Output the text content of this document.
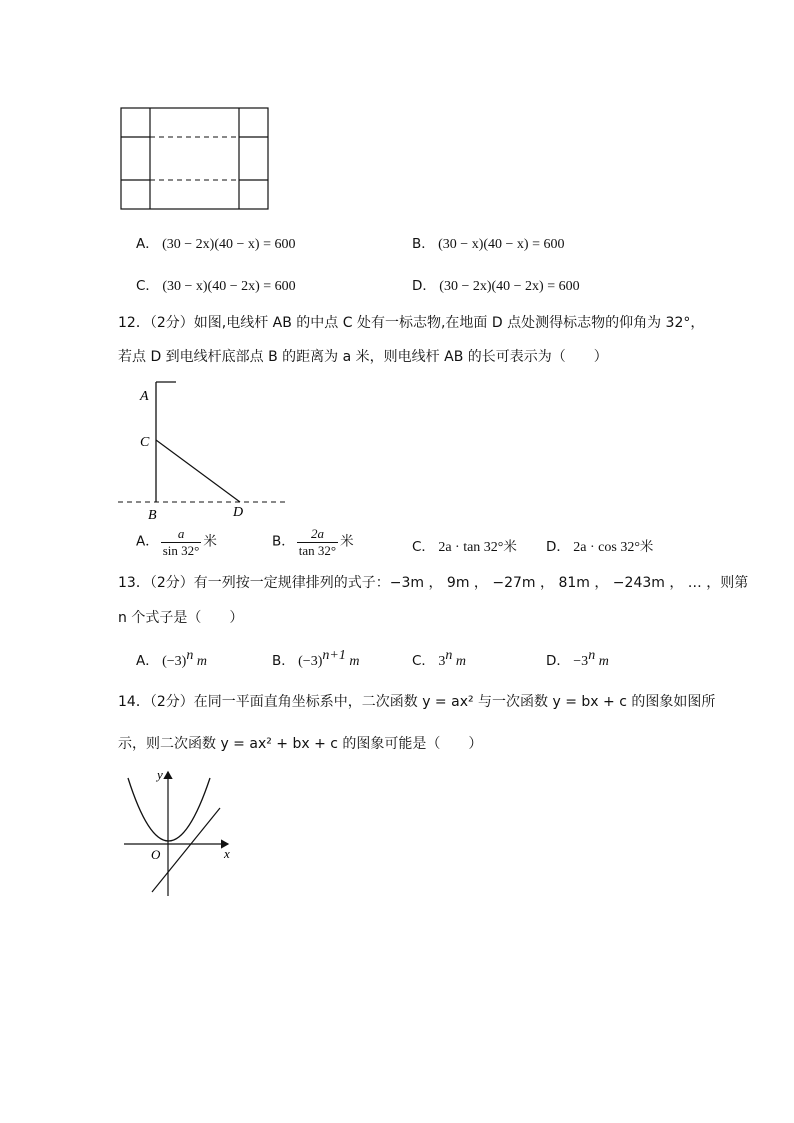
A． (30 − 2x)(40 − x) = 600	B． (30 − x)(40 − x) = 600
C． (30 − x)(40 − 2x) = 600	D． (30 − 2x)(40 − 2x) = 600
12．（2分）如图,电线杆 AB 的中点 C 处有一标志物,在地面 D 点处测得标志物的仰角为 32°，
若点 D 到电线杆底部点 B 的距离为 a 米，则电线杆 AB 的长可表示为（　　）
A
C
B	D
A． $\frac{a}{\sin 32^\circ}$ 米	B． $\frac{2a}{\tan 32^\circ}$ 米	C． 2a · tan 32°米 D． 2a · cos 32°米
13．（2分）有一列按一定规律排列的式子：−3m ， 9m ， −27m ， 81m ， −243m ， … ，则第
n 个式子是（　　）
A． $(-3)^n$ m	B． $(-3)^{n+1}$ m	C． 3$^n$ m	D． $-3^n$ m
14．（2分）在同一平面直角坐标系中，二次函数 y = ax² 与一次函数 y = bx + c 的图象如图所
示，则二次函数 y = ax² + bx + c 的图象可能是（　　）
y
O	x
